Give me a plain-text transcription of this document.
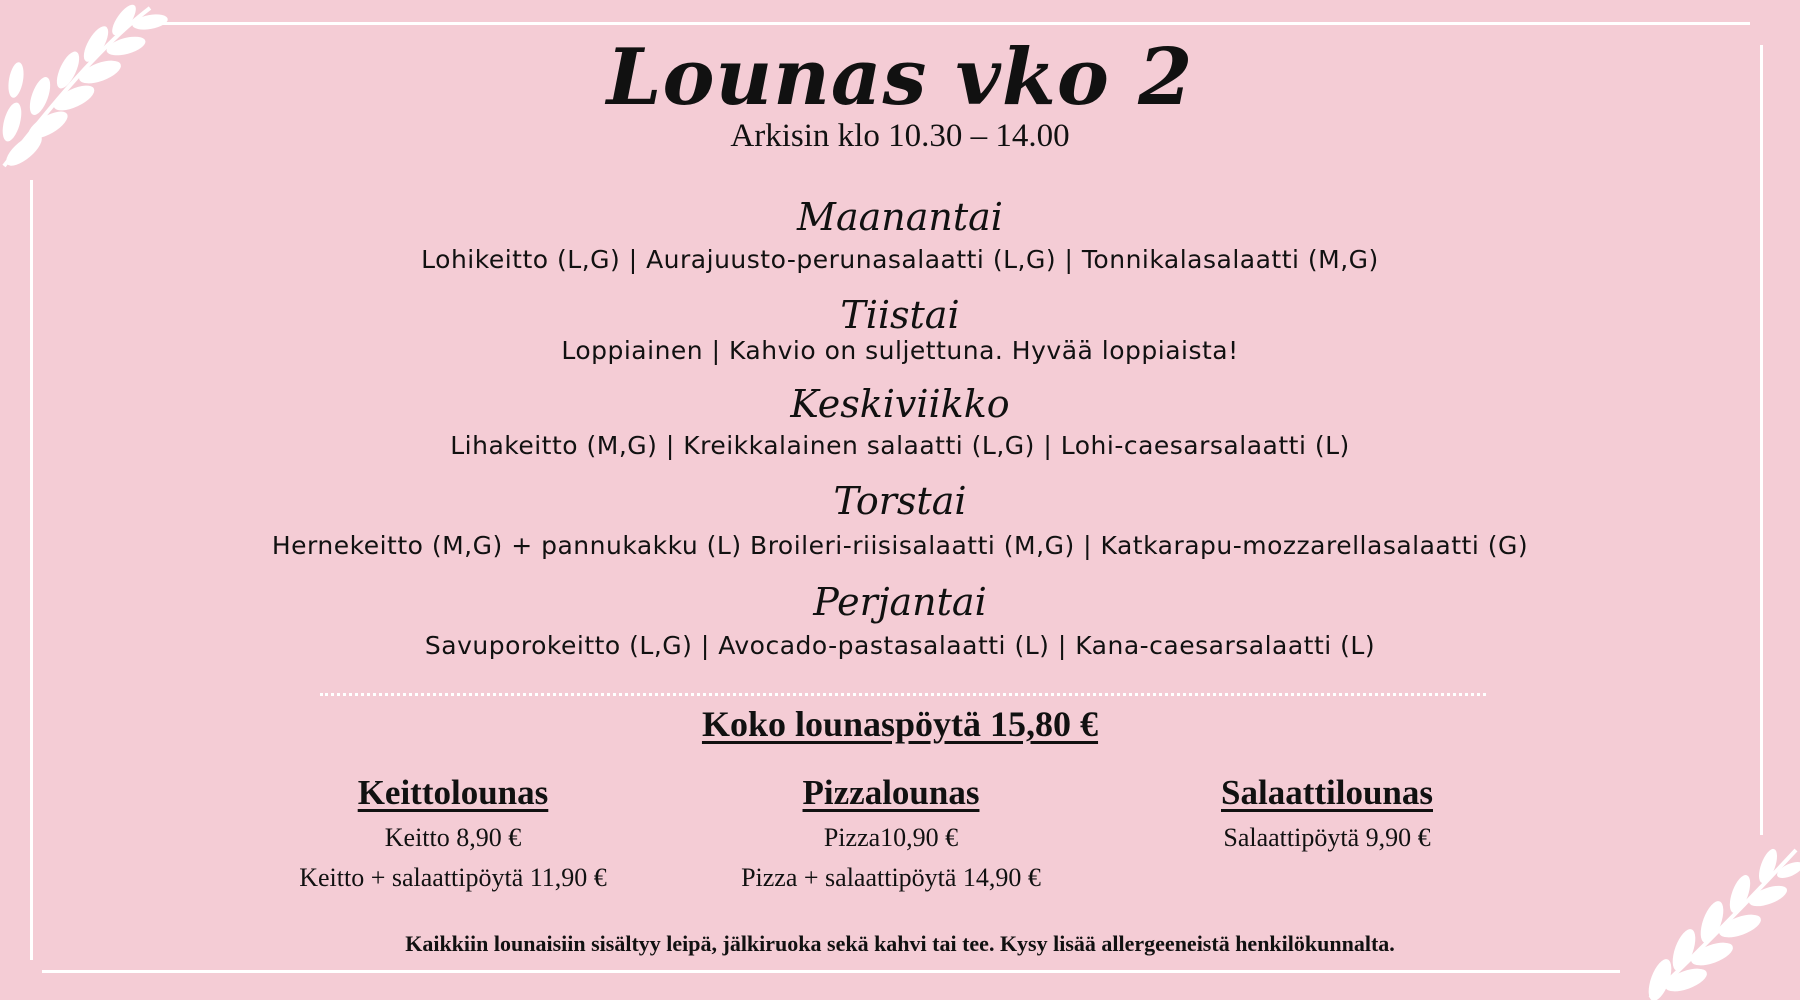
Lounas vko 2
Arkisin klo 10.30 – 14.00
Maanantai
Lohikeitto (L,G) | Aurajuusto-perunasalaatti (L,G) | Tonnikalasalaatti (M,G)
Tiistai
Loppiainen | Kahvio on suljettuna. Hyvää loppiaista!
Keskiviikko
Lihakeitto (M,G) | Kreikkalainen salaatti (L,G) | Lohi-caesarsalaatti (L)
Torstai
Hernekeitto (M,G) + pannukakku (L) Broileri-riisisalaatti (M,G) | Katkarapu-mozzarellasalaatti (G)
Perjantai
Savuporokeitto (L,G) | Avocado-pastasalaatti (L) | Kana-caesarsalaatti (L)
Koko lounaspöytä 15,80 €
Keittolounas
Keitto 8,90 €
Keitto + salaattipöytä 11,90 €
Pizzalounas
Pizza10,90 €
Pizza + salaattipöytä 14,90 €
Salaattilounas
Salaattipöytä 9,90 €
Kaikkiin lounaisiin sisältyy leipä, jälkiruoka sekä kahvi tai tee. Kysy lisää allergeeneistä henkilökunnalta.
